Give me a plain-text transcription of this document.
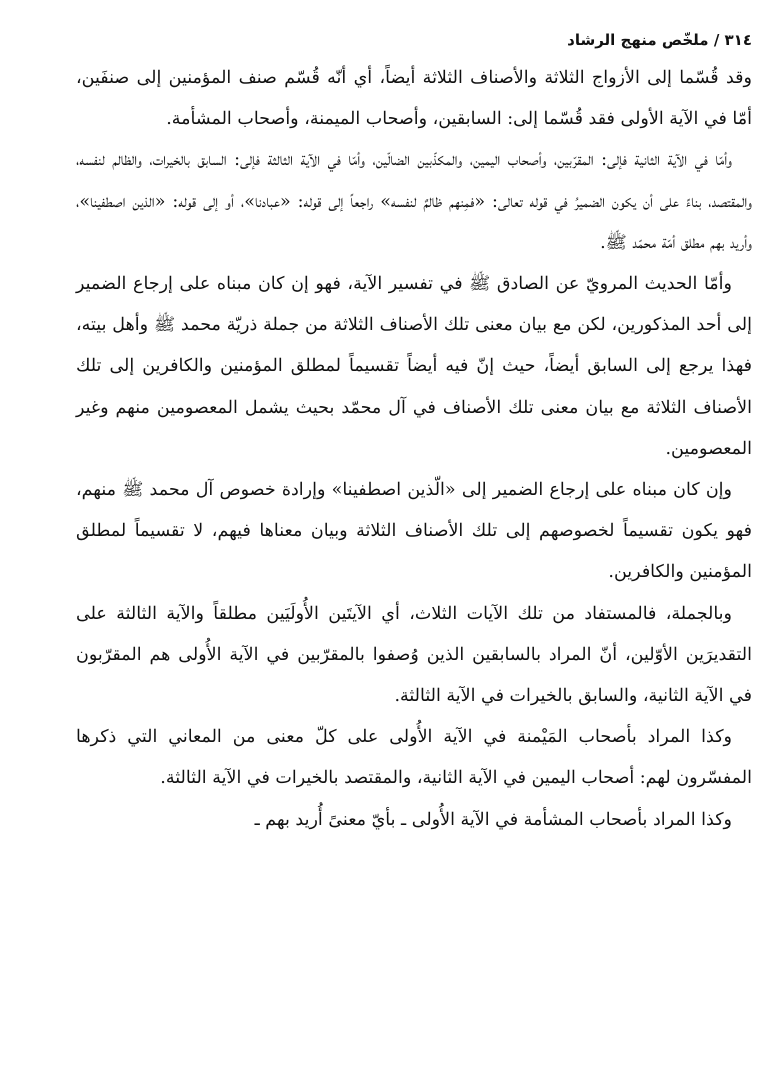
٣١٤ / ملخّص منهج الرشاد

وقد قُسّما إلى الأزواج الثلاثة والأصناف الثلاثة أيضاً، أي أنّه قُسّم صنف المؤمنين إلى صنفَين، أمّا في الآية الأولى فقد قُسّما إلى: السابقين، وأصحاب الميمنة، وأصحاب المشأمة.

وأمّا في الآية الثانية فإلى: المقرّبين، وأصحاب اليمين، والمكذّبين الضالّين، وأمّا في الآية الثالثة فإلى: السابق بالخيرات، والظالم لنفسه، والمقتصد، بناءً على أن يكون الضميرُ في قوله تعالى: «فمِنهم ظالمٌ لنفسه» راجعاً إلى قوله: «عبادنا»، أو إلى قوله: «الذين اصطفينا»، وأريد بهم مطلق أمّة محمّد ﷺ.

وأمّا الحديث المرويّ عن الصادق ﷺ في تفسير الآية، فهو إن كان مبناه على إرجاع الضمير إلى أحد المذكورين، لكن مع بيان معنى تلك الأصناف الثلاثة من جملة ذريّة محمد ﷺ وأهل بيته، فهذا يرجع إلى السابق أيضاً، حيث إنّ فيه أيضاً تقسيماً لمطلق المؤمنين والكافرين إلى تلك الأصناف الثلاثة مع بيان معنى تلك الأصناف في آل محمّد بحيث يشمل المعصومين منهم وغير المعصومين.

وإن كان مبناه على إرجاع الضمير إلى «الّذين اصطفينا» وإرادة خصوص آل محمد ﷺ منهم، فهو يكون تقسيماً لخصوصهم إلى تلك الأصناف الثلاثة وبيان معناها فيهم، لا تقسيماً لمطلق المؤمنين والكافرين.

وبالجملة، فالمستفاد من تلك الآيات الثلاث، أي الآيتَين الأُولَيَين مطلقاً والآية الثالثة على التقديرَين الأوّلين، أنّ المراد بالسابقين الذين وُصفوا بالمقرّبين في الآية الأُولى هم المقرّبون في الآية الثانية، والسابق بالخيرات في الآية الثالثة.

وكذا المراد بأصحاب المَيْمنة في الآية الأُولى على كلّ معنى من المعاني التي ذكرها المفسّرون لهم: أصحاب اليمين في الآية الثانية، والمقتصد بالخيرات في الآية الثالثة.

وكذا المراد بأصحاب المشأمة في الآية الأُولى ـ بأيّ معنىً أُريد بهم ـ
